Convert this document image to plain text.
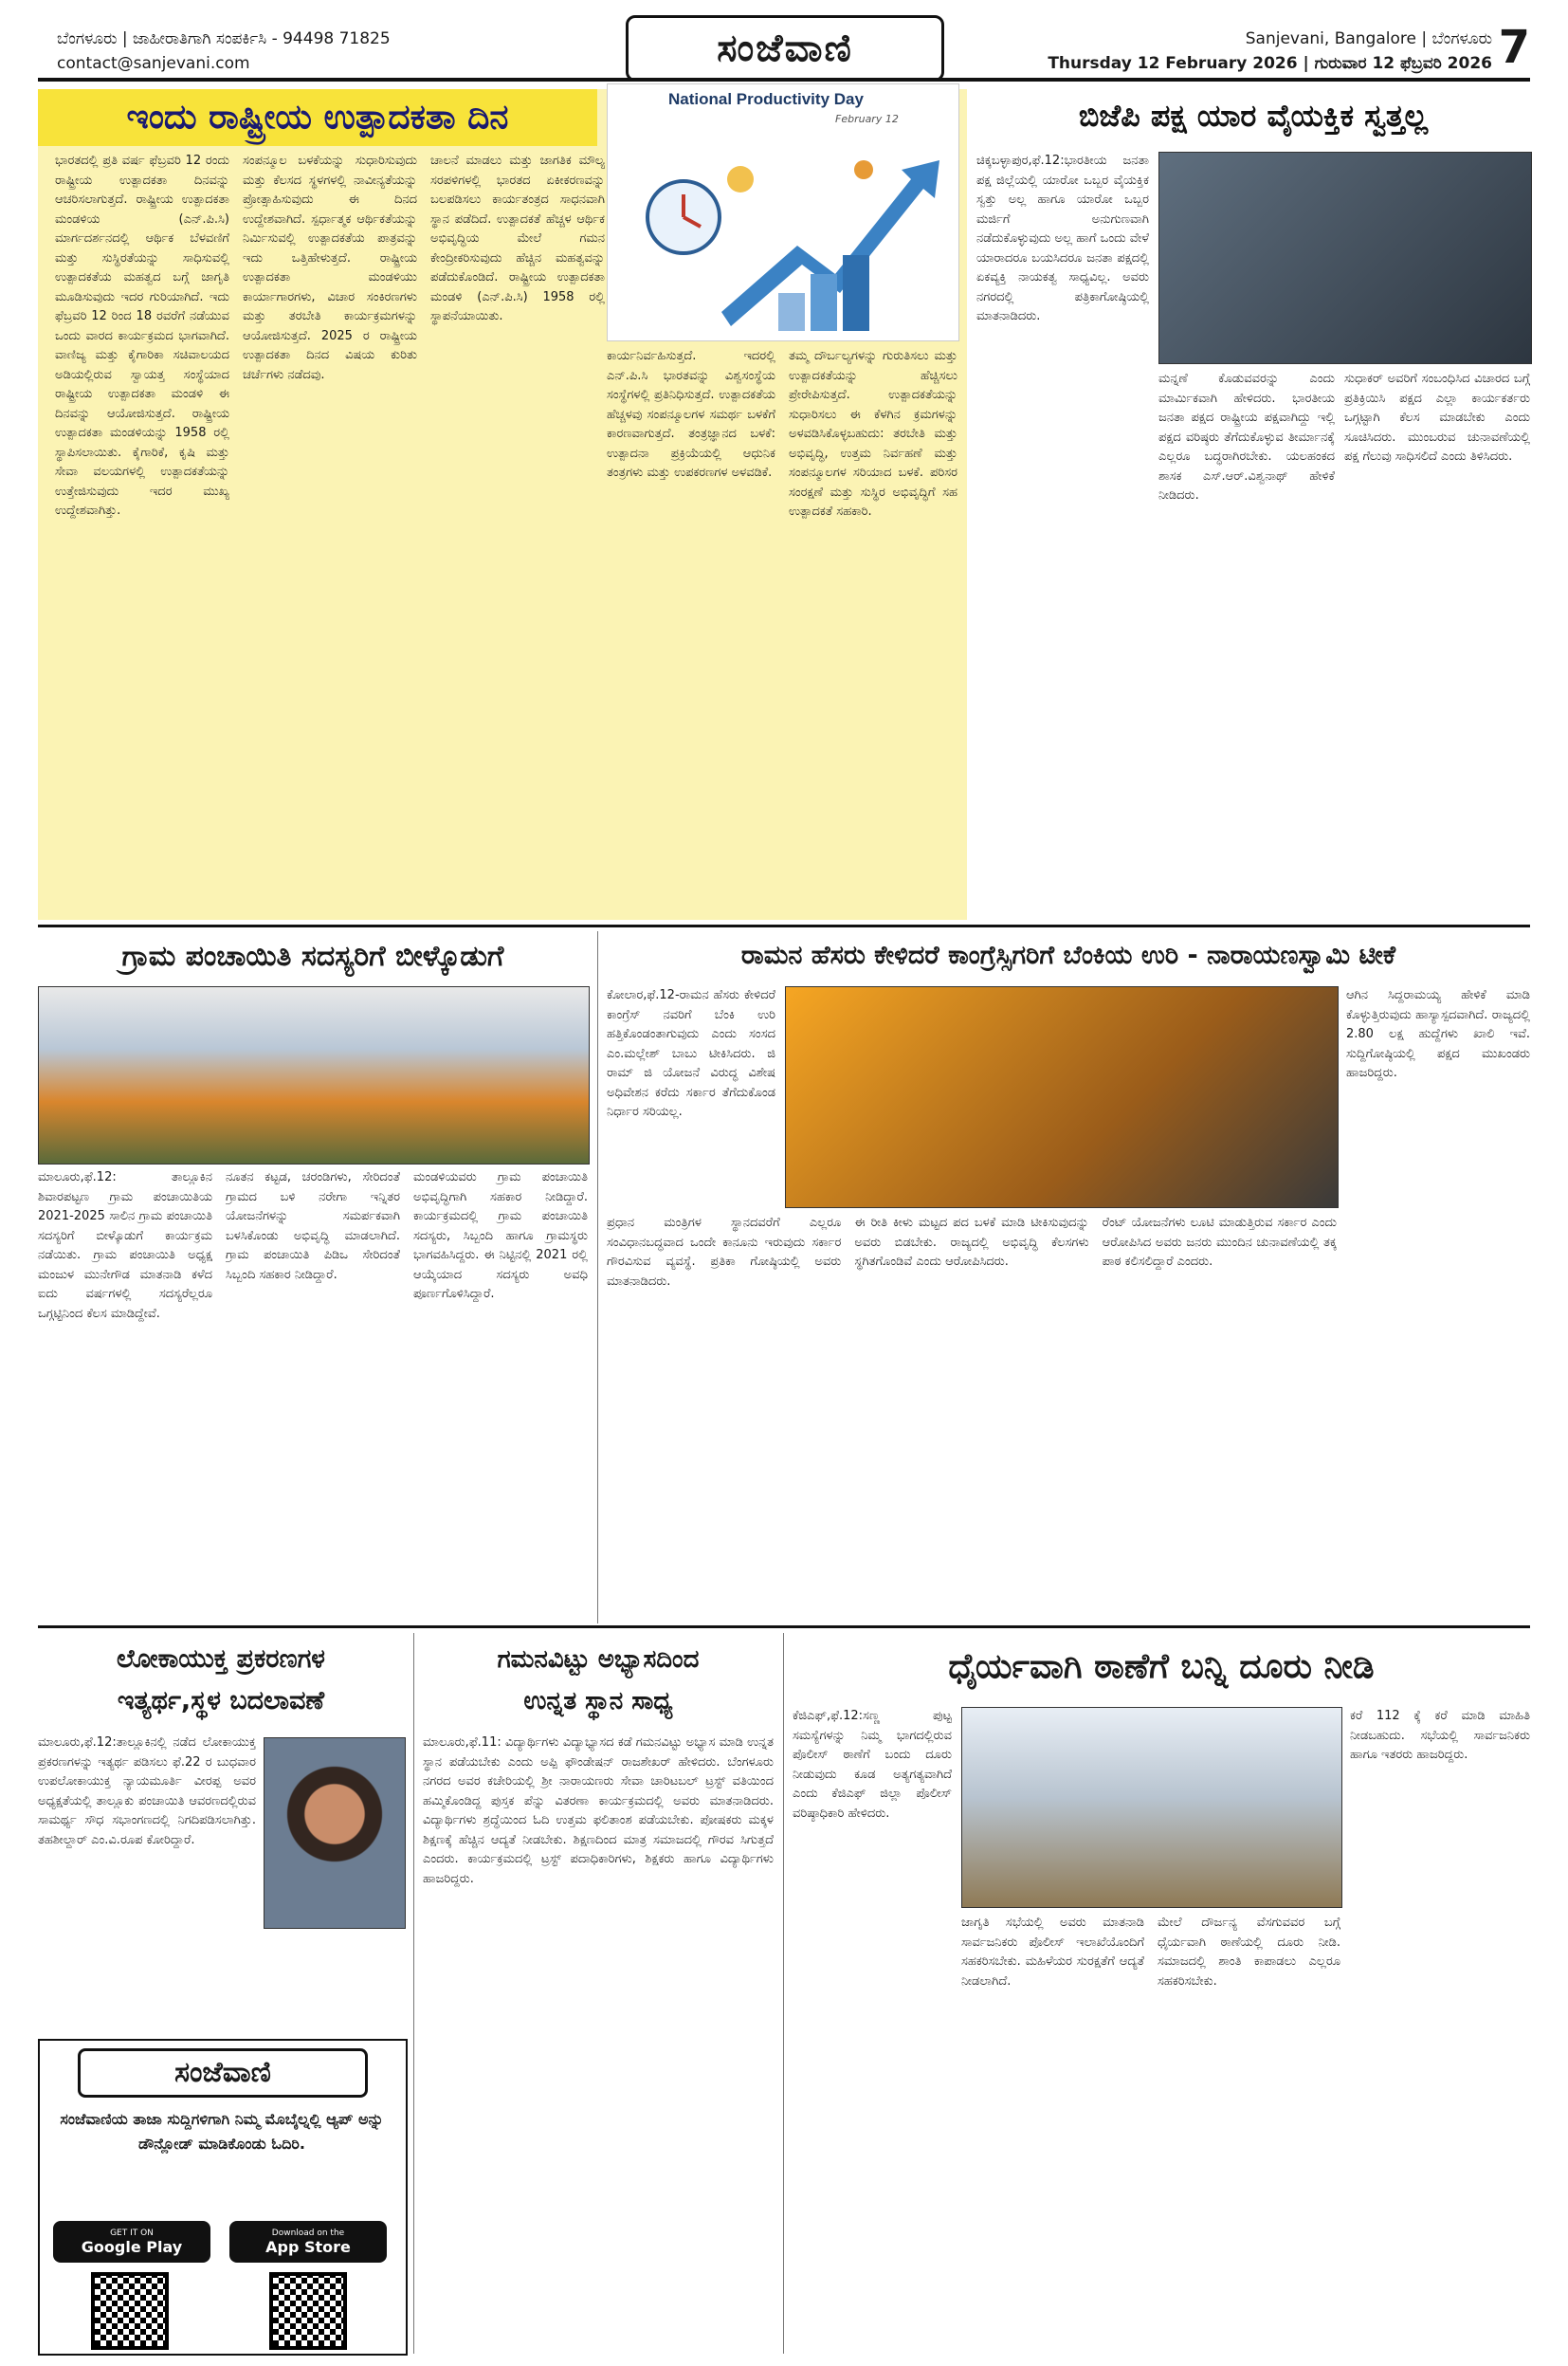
ಬೆಂಗಳೂರು | ಜಾಹೀರಾತಿಗಾಗಿ ಸಂಪರ್ಕಿಸಿ - 94498 71825
contact@sanjevani.com	ಸಂಜೆವಾಣಿ	Sanjevani, Bangalore | ಬೆಂಗಳೂರು
Thursday 12 February 2026 | ಗುರುವಾರ 12 ಫೆಬ್ರವರಿ 2026 7
ಇಂದು ರಾಷ್ಟ್ರೀಯ ಉತ್ಪಾದಕತಾ ದಿನ	National Productivity Day
February 12
ಭಾರತದಲ್ಲಿ ಪ್ರತಿ ವರ್ಷ ಫೆಬ್ರವರಿ 12 ರಂದು ರಾಷ್ಟ್ರೀಯ ಉತ್ಪಾದಕತಾ ದಿನವನ್ನು ಆಚರಿಸಲಾಗುತ್ತದೆ. ರಾಷ್ಟ್ರೀಯ ಉತ್ಪಾದಕತಾ ಮಂಡಳಿಯ (ಎನ್.ಪಿ.ಸಿ) ಮಾರ್ಗದರ್ಶನದಲ್ಲಿ ಆರ್ಥಿಕ ಬೆಳವಣಿಗೆ ಮತ್ತು ಸುಸ್ಥಿರತೆಯನ್ನು ಸಾಧಿಸುವಲ್ಲಿ ಉತ್ಪಾದಕತೆಯ ಮಹತ್ವದ ಬಗ್ಗೆ ಜಾಗೃತಿ ಮೂಡಿಸುವುದು ಇದರ ಗುರಿಯಾಗಿದೆ. ಇದು ಫೆಬ್ರವರಿ 12 ರಿಂದ 18 ರವರೆಗೆ ನಡೆಯುವ ಒಂದು ವಾರದ ಕಾರ್ಯಕ್ರಮದ ಭಾಗವಾಗಿದೆ. ವಾಣಿಜ್ಯ ಮತ್ತು ಕೈಗಾರಿಕಾ ಸಚಿವಾಲಯದ ಅಡಿಯಲ್ಲಿರುವ ಸ್ವಾಯತ್ತ ಸಂಸ್ಥೆಯಾದ ರಾಷ್ಟ್ರೀಯ ಉತ್ಪಾದಕತಾ ಮಂಡಳಿ ಈ ದಿನವನ್ನು ಆಯೋಜಿಸುತ್ತದೆ. ರಾಷ್ಟ್ರೀಯ ಉತ್ಪಾದಕತಾ ಮಂಡಳಿಯನ್ನು 1958 ರಲ್ಲಿ ಸ್ಥಾಪಿಸಲಾಯಿತು. ಕೈಗಾರಿಕೆ, ಕೃಷಿ ಮತ್ತು ಸೇವಾ ವಲಯಗಳಲ್ಲಿ ಉತ್ಪಾದಕತೆಯನ್ನು ಉತ್ತೇಜಿಸುವುದು ಇದರ ಮುಖ್ಯ ಉದ್ದೇಶವಾಗಿತ್ತು.
ಸಂಪನ್ಮೂಲ ಬಳಕೆಯನ್ನು ಸುಧಾರಿಸುವುದು ಮತ್ತು ಕೆಲಸದ ಸ್ಥಳಗಳಲ್ಲಿ ನಾವೀನ್ಯತೆಯನ್ನು ಪ್ರೋತ್ಸಾಹಿಸುವುದು ಈ ದಿನದ ಉದ್ದೇಶವಾಗಿದೆ. ಸ್ಪರ್ಧಾತ್ಮಕ ಆರ್ಥಿಕತೆಯನ್ನು ನಿರ್ಮಿಸುವಲ್ಲಿ ಉತ್ಪಾದಕತೆಯ ಪಾತ್ರವನ್ನು ಇದು ಒತ್ತಿಹೇಳುತ್ತದೆ. ರಾಷ್ಟ್ರೀಯ ಉತ್ಪಾದಕತಾ ಮಂಡಳಿಯು ಕಾರ್ಯಾಗಾರಗಳು, ವಿಚಾರ ಸಂಕಿರಣಗಳು ಮತ್ತು ತರಬೇತಿ ಕಾರ್ಯಕ್ರಮಗಳನ್ನು ಆಯೋಜಿಸುತ್ತದೆ. 2025 ರ ರಾಷ್ಟ್ರೀಯ ಉತ್ಪಾದಕತಾ ದಿನದ ವಿಷಯ ಕುರಿತು ಚರ್ಚೆಗಳು ನಡೆದವು.
ಚಾಲನೆ ಮಾಡಲು ಮತ್ತು ಜಾಗತಿಕ ಮೌಲ್ಯ ಸರಪಳಿಗಳಲ್ಲಿ ಭಾರತದ ಏಕೀಕರಣವನ್ನು ಬಲಪಡಿಸಲು ಕಾರ್ಯತಂತ್ರದ ಸಾಧನವಾಗಿ ಸ್ಥಾನ ಪಡೆದಿದೆ. ಉತ್ಪಾದಕತೆ ಹೆಚ್ಚಳ ಆರ್ಥಿಕ ಅಭಿವೃದ್ಧಿಯ ಮೇಲೆ ಗಮನ ಕೇಂದ್ರೀಕರಿಸುವುದು ಹೆಚ್ಚಿನ ಮಹತ್ವವನ್ನು ಪಡೆದುಕೊಂಡಿದೆ. ರಾಷ್ಟ್ರೀಯ ಉತ್ಪಾದಕತಾ ಮಂಡಳಿ (ಎನ್.ಪಿ.ಸಿ) 1958 ರಲ್ಲಿ ಸ್ಥಾಪನೆಯಾಯಿತು.
ಕಾರ್ಯನಿರ್ವಹಿಸುತ್ತದೆ. ಇದರಲ್ಲಿ ಎನ್.ಪಿ.ಸಿ ಭಾರತವನ್ನು ವಿಶ್ವಸಂಸ್ಥೆಯ ಸಂಸ್ಥೆಗಳಲ್ಲಿ ಪ್ರತಿನಿಧಿಸುತ್ತದೆ. ಉತ್ಪಾದಕತೆಯ ಹೆಚ್ಚಳವು ಸಂಪನ್ಮೂಲಗಳ ಸಮರ್ಥ ಬಳಕೆಗೆ ಕಾರಣವಾಗುತ್ತದೆ. ತಂತ್ರಜ್ಞಾನದ ಬಳಕೆ: ಉತ್ಪಾದನಾ ಪ್ರಕ್ರಿಯೆಯಲ್ಲಿ ಆಧುನಿಕ ತಂತ್ರಗಳು ಮತ್ತು ಉಪಕರಣಗಳ ಅಳವಡಿಕೆ.
ತಮ್ಮ ದೌರ್ಬಲ್ಯಗಳನ್ನು ಗುರುತಿಸಲು ಮತ್ತು ಉತ್ಪಾದಕತೆಯನ್ನು ಹೆಚ್ಚಿಸಲು ಪ್ರೇರೇಪಿಸುತ್ತದೆ. ಉತ್ಪಾದಕತೆಯನ್ನು ಸುಧಾರಿಸಲು ಈ ಕೆಳಗಿನ ಕ್ರಮಗಳನ್ನು ಅಳವಡಿಸಿಕೊಳ್ಳಬಹುದು: ತರಬೇತಿ ಮತ್ತು ಅಭಿವೃದ್ಧಿ, ಉತ್ತಮ ನಿರ್ವಹಣೆ ಮತ್ತು ಸಂಪನ್ಮೂಲಗಳ ಸರಿಯಾದ ಬಳಕೆ. ಪರಿಸರ ಸಂರಕ್ಷಣೆ ಮತ್ತು ಸುಸ್ಥಿರ ಅಭಿವೃದ್ಧಿಗೆ ಸಹ ಉತ್ಪಾದಕತೆ ಸಹಕಾರಿ.
ಬಿಜೆಪಿ ಪಕ್ಷ ಯಾರ ವೈಯಕ್ತಿಕ ಸ್ವತ್ತಲ್ಲ
ಚಿಕ್ಕಬಳ್ಳಾಪುರ,ಫೆ.12:ಭಾರತೀಯ ಜನತಾ ಪಕ್ಷ ಜಿಲ್ಲೆಯಲ್ಲಿ ಯಾರೋ ಒಬ್ಬರ ವೈಯಕ್ತಿಕ ಸ್ವತ್ತು ಅಲ್ಲ ಹಾಗೂ ಯಾರೋ ಒಬ್ಬರ ಮರ್ಜಿಗೆ ಅನುಗುಣವಾಗಿ ನಡೆದುಕೊಳ್ಳುವುದು ಅಲ್ಲ ಹಾಗೆ ಒಂದು ವೇಳೆ ಯಾರಾದರೂ ಬಯಸಿದರೂ ಜನತಾ ಪಕ್ಷದಲ್ಲಿ ಏಕವ್ಯಕ್ತಿ ನಾಯಕತ್ವ ಸಾಧ್ಯವಿಲ್ಲ. ಅವರು ನಗರದಲ್ಲಿ ಪತ್ರಿಕಾಗೋಷ್ಠಿಯಲ್ಲಿ ಮಾತನಾಡಿದರು.
ಮನ್ನಣೆ ಕೊಡುವವರನ್ನು ಎಂದು ಮಾರ್ಮಿಕವಾಗಿ ಹೇಳಿದರು. ಭಾರತೀಯ ಜನತಾ ಪಕ್ಷದ ರಾಷ್ಟ್ರೀಯ ಪಕ್ಷವಾಗಿದ್ದು ಇಲ್ಲಿ ಪಕ್ಷದ ವರಿಷ್ಠರು ತೆಗೆದುಕೊಳ್ಳುವ ತೀರ್ಮಾನಕ್ಕೆ ಎಲ್ಲರೂ ಬದ್ಧರಾಗಿರಬೇಕು. ಯಲಹಂಕದ ಶಾಸಕ ಎಸ್.ಆರ್.ವಿಶ್ವನಾಥ್ ಹೇಳಿಕೆ ನೀಡಿದರು.
ಸುಧಾಕರ್ ಅವರಿಗೆ ಸಂಬಂಧಿಸಿದ ವಿಚಾರದ ಬಗ್ಗೆ ಪ್ರತಿಕ್ರಿಯಿಸಿ ಪಕ್ಷದ ಎಲ್ಲಾ ಕಾರ್ಯಕರ್ತರು ಒಗ್ಗಟ್ಟಾಗಿ ಕೆಲಸ ಮಾಡಬೇಕು ಎಂದು ಸೂಚಿಸಿದರು. ಮುಂಬರುವ ಚುನಾವಣೆಯಲ್ಲಿ ಪಕ್ಷ ಗೆಲುವು ಸಾಧಿಸಲಿದೆ ಎಂದು ತಿಳಿಸಿದರು.
ಗ್ರಾಮ ಪಂಚಾಯಿತಿ ಸದಸ್ಯರಿಗೆ ಬೀಳ್ಕೊಡುಗೆ
ಮಾಲೂರು,ಫೆ.12: ತಾಲ್ಲೂಕಿನ ಶಿವಾರಪಟ್ಟಣ ಗ್ರಾಮ ಪಂಚಾಯಿತಿಯ 2021-2025 ಸಾಲಿನ ಗ್ರಾಮ ಪಂಚಾಯಿತಿ ಸದಸ್ಯರಿಗೆ ಬೀಳ್ಕೊಡುಗೆ ಕಾರ್ಯಕ್ರಮ ನಡೆಯಿತು. ಗ್ರಾಮ ಪಂಚಾಯಿತಿ ಅಧ್ಯಕ್ಷ ಮಂಜುಳ ಮುನೇಗೌಡ ಮಾತನಾಡಿ ಕಳೆದ ಐದು ವರ್ಷಗಳಲ್ಲಿ ಸದಸ್ಯರೆಲ್ಲರೂ ಒಗ್ಗಟ್ಟಿನಿಂದ ಕೆಲಸ ಮಾಡಿದ್ದೇವೆ.
ನೂತನ ಕಟ್ಟಡ, ಚರಂಡಿಗಳು, ಸೇರಿದಂತೆ ಗ್ರಾಮದ ಬಳಿ ನರೇಗಾ ಇನ್ನಿತರ ಯೋಜನೆಗಳನ್ನು ಸಮರ್ಪಕವಾಗಿ ಬಳಸಿಕೊಂಡು ಅಭಿವೃದ್ಧಿ ಮಾಡಲಾಗಿದೆ. ಗ್ರಾಮ ಪಂಚಾಯಿತಿ ಪಿಡಿಒ ಸೇರಿದಂತೆ ಸಿಬ್ಬಂದಿ ಸಹಕಾರ ನೀಡಿದ್ದಾರೆ.
ಮಂಡಳಿಯವರು ಗ್ರಾಮ ಪಂಚಾಯಿತಿ ಅಭಿವೃದ್ಧಿಗಾಗಿ ಸಹಕಾರ ನೀಡಿದ್ದಾರೆ. ಕಾರ್ಯಕ್ರಮದಲ್ಲಿ ಗ್ರಾಮ ಪಂಚಾಯಿತಿ ಸದಸ್ಯರು, ಸಿಬ್ಬಂದಿ ಹಾಗೂ ಗ್ರಾಮಸ್ಥರು ಭಾಗವಹಿಸಿದ್ದರು. ಈ ನಿಟ್ಟಿನಲ್ಲಿ 2021 ರಲ್ಲಿ ಆಯ್ಕೆಯಾದ ಸದಸ್ಯರು ಅವಧಿ ಪೂರ್ಣಗೊಳಿಸಿದ್ದಾರೆ.
ರಾಮನ ಹೆಸರು ಕೇಳಿದರೆ ಕಾಂಗ್ರೆಸ್ಸಿಗರಿಗೆ ಬೆಂಕಿಯ ಉರಿ - ನಾರಾಯಣಸ್ವಾಮಿ ಟೀಕೆ
ಕೋಲಾರ,ಫೆ.12-ರಾಮನ ಹೆಸರು ಕೇಳಿದರೆ ಕಾಂಗ್ರೆಸ್ ನವರಿಗೆ ಬೆಂಕಿ ಉರಿ ಹತ್ತಿಕೊಂಡಂತಾಗುವುದು ಎಂದು ಸಂಸದ ಎಂ.ಮಲ್ಲೇಶ್ ಬಾಬು ಟೀಕಿಸಿದರು. ಜಿ ರಾಮ್ ಜಿ ಯೋಜನೆ ವಿರುದ್ಧ ವಿಶೇಷ ಅಧಿವೇಶನ ಕರೆದು ಸರ್ಕಾರ ತೆಗೆದುಕೊಂಡ ನಿರ್ಧಾರ ಸರಿಯಲ್ಲ.
ಆಗಿನ ಸಿದ್ದರಾಮಯ್ಯ ಹೇಳಿಕೆ ಮಾಡಿ ಕೊಳ್ಳುತ್ತಿರುವುದು ಹಾಸ್ಯಾಸ್ಪದವಾಗಿದೆ. ರಾಜ್ಯದಲ್ಲಿ 2.80 ಲಕ್ಷ ಹುದ್ದೆಗಳು ಖಾಲಿ ಇವೆ. ಸುದ್ದಿಗೋಷ್ಠಿಯಲ್ಲಿ ಪಕ್ಷದ ಮುಖಂಡರು ಹಾಜರಿದ್ದರು.
ಪ್ರಧಾನ ಮಂತ್ರಿಗಳ ಸ್ಥಾನದವರೆಗೆ ಎಲ್ಲರೂ ಸಂವಿಧಾನಬದ್ಧವಾದ ಒಂದೇ ಕಾನೂನು ಇರುವುದು ಸರ್ಕಾರ ಗೌರವಿಸುವ ವ್ಯವಸ್ಥೆ. ಪ್ರತಿಕಾ ಗೋಷ್ಠಿಯಲ್ಲಿ ಅವರು ಮಾತನಾಡಿದರು.
ಈ ರೀತಿ ಕೀಳು ಮಟ್ಟದ ಪದ ಬಳಕೆ ಮಾಡಿ ಟೀಕಿಸುವುದನ್ನು ಅವರು ಬಿಡಬೇಕು. ರಾಜ್ಯದಲ್ಲಿ ಅಭಿವೃದ್ಧಿ ಕೆಲಸಗಳು ಸ್ಥಗಿತಗೊಂಡಿವೆ ಎಂದು ಆರೋಪಿಸಿದರು.
ರೆಂಟ್ ಯೋಜನೆಗಳು ಲೂಟಿ ಮಾಡುತ್ತಿರುವ ಸರ್ಕಾರ ಎಂದು ಆರೋಪಿಸಿದ ಅವರು ಜನರು ಮುಂದಿನ ಚುನಾವಣೆಯಲ್ಲಿ ತಕ್ಕ ಪಾಠ ಕಲಿಸಲಿದ್ದಾರೆ ಎಂದರು.
ಲೋಕಾಯುಕ್ತ ಪ್ರಕರಣಗಳ
ಇತ್ಯರ್ಥ,ಸ್ಥಳ ಬದಲಾವಣೆ
ಮಾಲೂರು,ಫೆ.12:ತಾಲ್ಲೂಕಿನಲ್ಲಿ ನಡೆದ ಲೋಕಾಯುಕ್ತ ಪ್ರಕರಣಗಳನ್ನು ಇತ್ಯರ್ಥ ಪಡಿಸಲು ಫೆ.22 ರ ಬುಧವಾರ ಉಪಲೋಕಾಯುಕ್ತ ನ್ಯಾಯಮೂರ್ತಿ ವೀರಪ್ಪ ಅವರ ಅಧ್ಯಕ್ಷತೆಯಲ್ಲಿ ತಾಲ್ಲೂಕು ಪಂಚಾಯಿತಿ ಆವರಣದಲ್ಲಿರುವ ಸಾಮರ್ಥ್ಯ ಸೌಧ ಸಭಾಂಗಣದಲ್ಲಿ ನಿಗದಿಪಡಿಸಲಾಗಿತ್ತು. ತಹಶೀಲ್ದಾರ್ ಎಂ.ವಿ.ರೂಪ ಕೋರಿದ್ದಾರೆ.
ಸಂಜೆವಾಣಿ
ಸಂಜೆವಾಣಿಯ ತಾಜಾ ಸುದ್ದಿಗಳಿಗಾಗಿ ನಿಮ್ಮ ಮೊಬೈಲ್ನಲ್ಲಿ ಆ್ಯಪ್ ಅನ್ನು ಡೌನ್ಲೋಡ್ ಮಾಡಿಕೊಂಡು ಓದಿರಿ.
GET IT ON
Google Play
Download on the
App Store
ಗಮನವಿಟ್ಟು ಅಭ್ಯಾಸದಿಂದ
ಉನ್ನತ ಸ್ಥಾನ ಸಾಧ್ಯ
ಮಾಲೂರು,ಫೆ.11: ವಿದ್ಯಾರ್ಥಿಗಳು ವಿದ್ಯಾಭ್ಯಾಸದ ಕಡೆ ಗಮನವಿಟ್ಟು ಅಭ್ಯಾಸ ಮಾಡಿ ಉನ್ನತ ಸ್ಥಾನ ಪಡೆಯಬೇಕು ಎಂದು ಅಪ್ಪಿ ಫೌಂಡೇಷನ್ ರಾಜಶೇಖರ್ ಹೇಳಿದರು. ಬೆಂಗಳೂರು ನಗರದ ಅವರ ಕಚೇರಿಯಲ್ಲಿ ಶ್ರೀ ನಾರಾಯಣರು ಸೇವಾ ಚಾರಿಟಬಲ್ ಟ್ರಸ್ಟ್ ವತಿಯಿಂದ ಹಮ್ಮಿಕೊಂಡಿದ್ದ ಪುಸ್ತಕ ಪೆನ್ನು ವಿತರಣಾ ಕಾರ್ಯಕ್ರಮದಲ್ಲಿ ಅವರು ಮಾತನಾಡಿದರು. ವಿದ್ಯಾರ್ಥಿಗಳು ಶ್ರದ್ಧೆಯಿಂದ ಓದಿ ಉತ್ತಮ ಫಲಿತಾಂಶ ಪಡೆಯಬೇಕು. ಪೋಷಕರು ಮಕ್ಕಳ ಶಿಕ್ಷಣಕ್ಕೆ ಹೆಚ್ಚಿನ ಆದ್ಯತೆ ನೀಡಬೇಕು. ಶಿಕ್ಷಣದಿಂದ ಮಾತ್ರ ಸಮಾಜದಲ್ಲಿ ಗೌರವ ಸಿಗುತ್ತದೆ ಎಂದರು. ಕಾರ್ಯಕ್ರಮದಲ್ಲಿ ಟ್ರಸ್ಟ್ ಪದಾಧಿಕಾರಿಗಳು, ಶಿಕ್ಷಕರು ಹಾಗೂ ವಿದ್ಯಾರ್ಥಿಗಳು ಹಾಜರಿದ್ದರು.
ಧೈರ್ಯವಾಗಿ ಠಾಣೆಗೆ ಬನ್ನಿ ದೂರು ನೀಡಿ
ಕೆಜಿಎಫ್,ಫೆ.12:ಸಣ್ಣ ಪುಟ್ಟ ಸಮಸ್ಯೆಗಳನ್ನು ನಿಮ್ಮ ಭಾಗದಲ್ಲಿರುವ ಪೊಲೀಸ್ ಠಾಣೆಗೆ ಬಂದು ದೂರು ನೀಡುವುದು ಕೂಡ ಅತ್ಯಗತ್ಯವಾಗಿದೆ ಎಂದು ಕೆಜಿಎಫ್ ಜಿಲ್ಲಾ ಪೊಲೀಸ್ ವರಿಷ್ಠಾಧಿಕಾರಿ ಹೇಳಿದರು.
ಕರೆ 112 ಕ್ಕೆ ಕರೆ ಮಾಡಿ ಮಾಹಿತಿ ನೀಡಬಹುದು. ಸಭೆಯಲ್ಲಿ ಸಾರ್ವಜನಿಕರು ಹಾಗೂ ಇತರರು ಹಾಜರಿದ್ದರು.
ಜಾಗೃತಿ ಸಭೆಯಲ್ಲಿ ಅವರು ಮಾತನಾಡಿ ಸಾರ್ವಜನಿಕರು ಪೊಲೀಸ್ ಇಲಾಖೆಯೊಂದಿಗೆ ಸಹಕರಿಸಬೇಕು. ಮಹಿಳೆಯರ ಸುರಕ್ಷತೆಗೆ ಆದ್ಯತೆ ನೀಡಲಾಗಿದೆ.
ಮೇಲೆ ದೌರ್ಜನ್ಯ ವೆಸಗುವವರ ಬಗ್ಗೆ ಧೈರ್ಯವಾಗಿ ಠಾಣೆಯಲ್ಲಿ ದೂರು ನೀಡಿ. ಸಮಾಜದಲ್ಲಿ ಶಾಂತಿ ಕಾಪಾಡಲು ಎಲ್ಲರೂ ಸಹಕರಿಸಬೇಕು.
